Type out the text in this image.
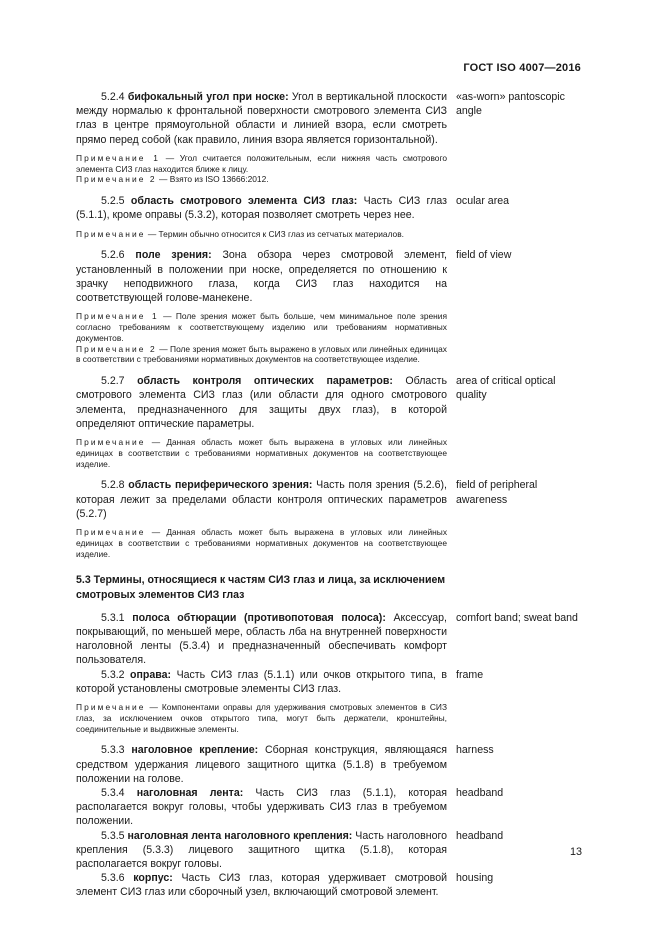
ГОСТ ISO 4007—2016
5.2.4 бифокальный угол при носке: Угол в вертикальной плоскости между нормалью к фронтальной поверхности смотрового элемента СИЗ глаз в центре прямоугольной области и линией взора, если смотреть прямо перед собой (как правило, линия взора является горизонтальной).
«as-worn» pantoscopic angle
Примечание 1 — Угол считается положительным, если нижняя часть смотрового элемента СИЗ глаз находится ближе к лицу.
Примечание 2 — Взято из ISO 13666:2012.
5.2.5 область смотрового элемента СИЗ глаз: Часть СИЗ глаз (5.1.1), кроме оправы (5.3.2), которая позволяет смотреть через нее.
ocular area
Примечание — Термин обычно относится к СИЗ глаз из сетчатых материалов.
5.2.6 поле зрения: Зона обзора через смотровой элемент, установленный в положении при носке, определяется по отношению к зрачку неподвижного глаза, когда СИЗ глаз находится на соответствующей голове-манекене.
field of view
Примечание 1 — Поле зрения может быть больше, чем минимальное поле зрения согласно требованиям к соответствующему изделию или требованиям нормативных документов.
Примечание 2 — Поле зрения может быть выражено в угловых или линейных единицах в соответствии с требованиями нормативных документов на соответствующее изделие.
5.2.7 область контроля оптических параметров: Область смотрового элемента СИЗ глаз (или области для одного смотрового элемента, предназначенного для защиты двух глаз), в которой определяют оптические параметры.
area of critical optical quality
Примечание — Данная область может быть выражена в угловых или линейных единицах в соответствии с требованиями нормативных документов на соответствующее изделие.
5.2.8 область периферического зрения: Часть поля зрения (5.2.6), которая лежит за пределами области контроля оптических параметров (5.2.7)
field of peripheral awareness
Примечание — Данная область может быть выражена в угловых или линейных единицах в соответствии с требованиями нормативных документов на соответствующее изделие.
5.3 Термины, относящиеся к частям СИЗ глаз и лица, за исключением смотровых элементов СИЗ глаз
5.3.1 полоса обтюрации (противопотовая полоса): Аксессуар, покрывающий, по меньшей мере, область лба на внутренней поверхности наголовной ленты (5.3.4) и предназначенный обеспечивать комфорт пользователя.
comfort band; sweat band
5.3.2 оправа: Часть СИЗ глаз (5.1.1) или очков открытого типа, в которой установлены смотровые элементы СИЗ глаз.
frame
Примечание — Компонентами оправы для удерживания смотровых элементов в СИЗ глаз, за исключением очков открытого типа, могут быть держатели, кронштейны, соединительные и выдвижные элементы.
5.3.3 наголовное крепление: Сборная конструкция, являющаяся средством удержания лицевого защитного щитка (5.1.8) в требуемом положении на голове.
harness
5.3.4 наголовная лента: Часть СИЗ глаз (5.1.1), которая располагается вокруг головы, чтобы удерживать СИЗ глаз в требуемом положении.
headband
5.3.5 наголовная лента наголовного крепления: Часть наголовного крепления (5.3.3) лицевого защитного щитка (5.1.8), которая располагается вокруг головы.
headband
5.3.6 корпус: Часть СИЗ глаз, которая удерживает смотровой элемент СИЗ глаз или сборочный узел, включающий смотровой элемент.
housing
13
